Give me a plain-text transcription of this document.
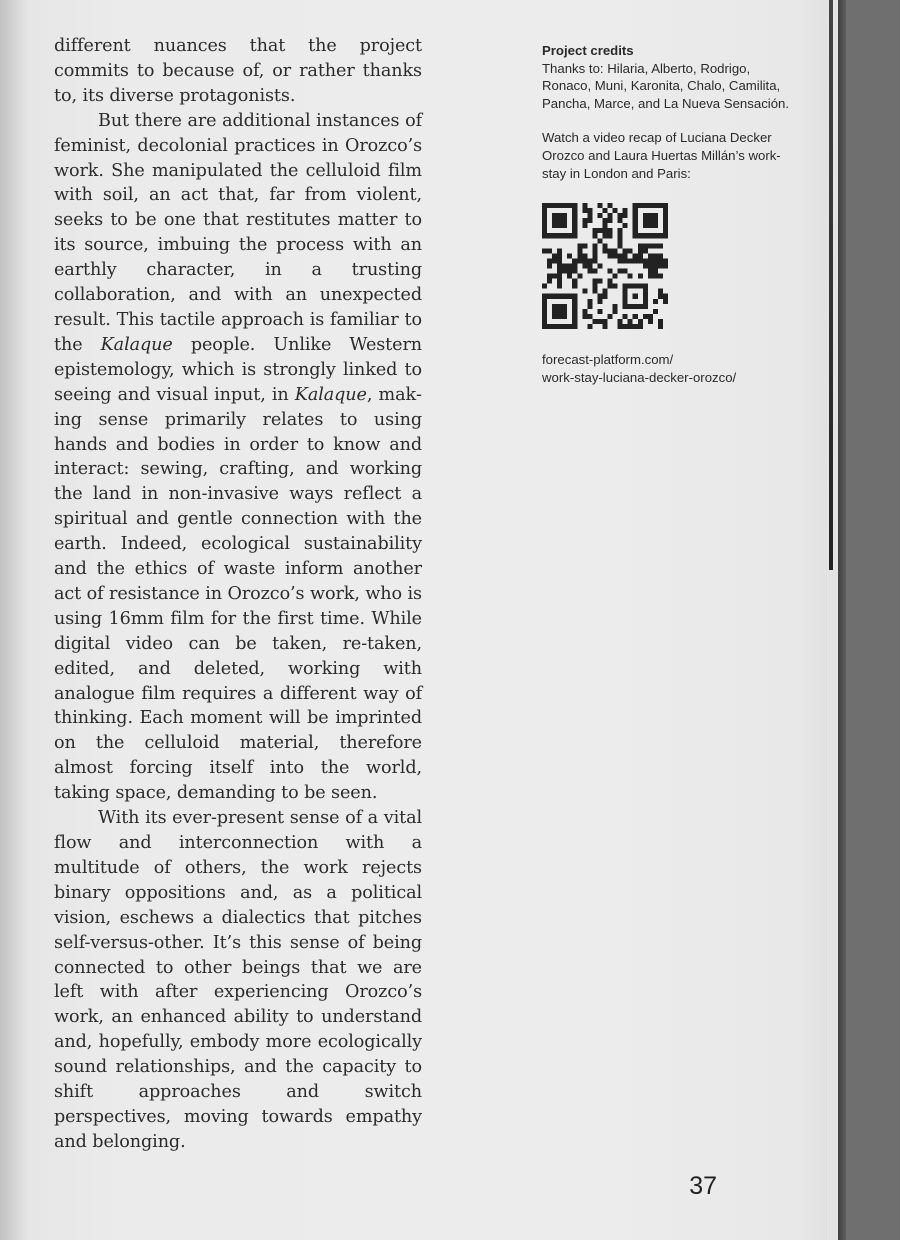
different nuances that the project commits to because of, or rather thanks to, its diverse protagonists.

But there are additional instances of feminist, decolonial practices in Orozco’s work. She manipulated the celluloid film with soil, an act that, far from violent, seeks to be one that restitutes matter to its source, imbuing the process with an earthly character, in a trusting collaboration, and with an unexpected result. This tactile approach is familiar to the Kalaque people. Unlike Western epistemology, which is strongly linked to seeing and visual input, in Kalaque, making sense primarily relates to using hands and bodies in order to know and interact: sewing, crafting, and working the land in non-invasive ways reflect a spiritual and gentle connection with the earth. Indeed, ecological sustainability and the ethics of waste inform another act of resistance in Orozco’s work, who is using 16mm film for the first time. While digital video can be taken, re-taken, edited, and deleted, working with analogue film requires a different way of thinking. Each moment will be imprinted on the celluloid material, therefore almost forcing itself into the world, taking space, demanding to be seen.

With its ever-present sense of a vital flow and interconnection with a multitude of others, the work rejects binary oppositions and, as a political vision, eschews a dialectics that pitches self-versus-other. It’s this sense of being connected to other beings that we are left with after experiencing Orozco’s work, an enhanced ability to understand and, hopefully, embody more ecologically sound relationships, and the capacity to shift approaches and switch perspectives, moving towards empathy and belonging.

Project credits
Thanks to: Hilaria, Alberto, Rodrigo, Ronaco, Muni, Karonita, Chalo, Camilita, Pancha, Marce, and La Nueva Sensación.
Watch a video recap of Luciana Decker Orozco and Laura Huertas Millán’s work-stay in London and Paris:
forecast-platform.com/
work-stay-luciana-decker-orozco/
37
